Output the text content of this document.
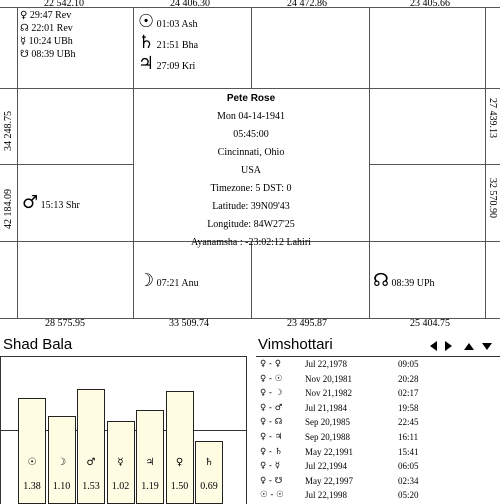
22 542.10	24 406.30	24 472.86	23 405.66
28 575.95	33 509.74	23 495.87	25 404.75
34 248.75
42 184.09
27 439.13
32 570.90
♀ 29:47 Rev
☊ 22:01 Rev
☿ 10:24 UBh
☋ 08:39 UBh
☉ 01:03 Ash
♄ 21:51 Bha
♃ 27:09 Kri
♂ 15:13 Shr
☽ 07:21 Anu	☊ 08:39 UPh
Pete Rose
Mon 04-14-1941
05:45:00
Cincinnati, Ohio
USA
Timezone: 5 DST: 0
Latitude: 39N09'43
Longitude: 84W27'25
Ayanamsha : -23:02:12 Lahiri
Shad Bala
☉
1.38
☽
1.10
♂
1.53
☿
1.02
♃
1.19
♀
1.50
♄
0.69
Vimshottari
♀ - ♀	Jul 22,1978	09:05
♀ - ☉	Nov 20,1981	20:28
♀ - ☽	Nov 21,1982	02:17
♀ - ♂	Jul 21,1984	19:58
♀ - ☊	Sep 20,1985	22:45
♀ - ♃	Sep 20,1988	16:11
♀ - ♄	May 22,1991	15:41
♀ - ☿	Jul 22,1994	06:05
♀ - ☋	May 22,1997	02:34
☉ - ☉ Jul 22,1998	05:20
